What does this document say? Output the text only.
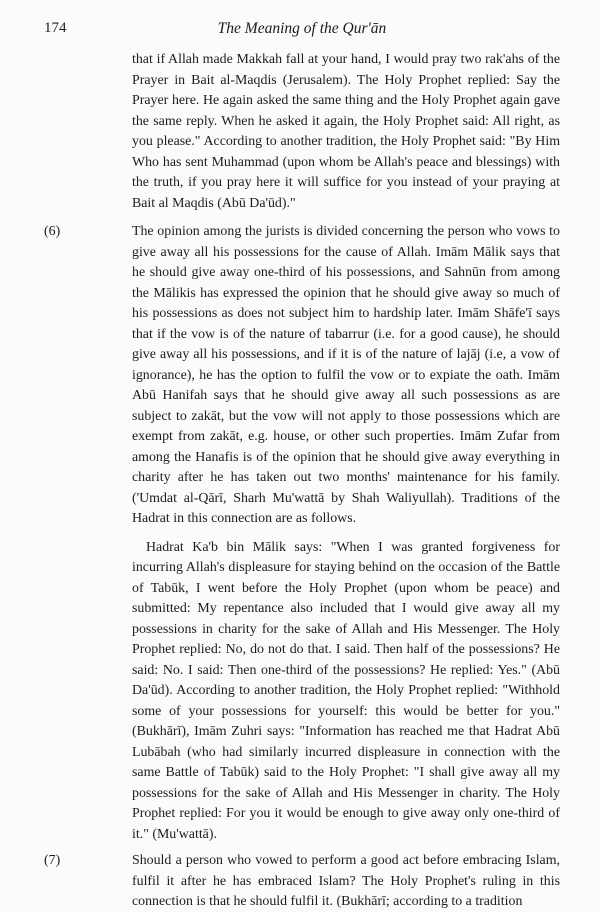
174	The Meaning of the Qur'ān

that if Allah made Makkah fall at your hand, I would pray two rak'ahs of the Prayer in Bait al-Maqdis (Jerusalem). The Holy Prophet replied: Say the Prayer here. He again asked the same thing and the Holy Prophet again gave the same reply. When he asked it again, the Holy Prophet said: All right, as you please." According to another tradition, the Holy Prophet said: "By Him Who has sent Muhammad (upon whom be Allah's peace and blessings) with the truth, if you pray here it will suffice for you instead of your praying at Bait al Maqdis (Abū Da'ūd)."

(6)	The opinion among the jurists is divided concerning the person who vows to give away all his possessions for the cause of Allah. Imām Mālik says that he should give away one-third of his possessions, and Sahnūn from among the Mālikis has expressed the opinion that he should give away so much of his possessions as does not subject him to hardship later. Imām Shāfe'ī says that if the vow is of the nature of tabarrur (i.e. for a good cause), he should give away all his possessions, and if it is of the nature of lajāj (i.e, a vow of ignorance), he has the option to fulfil the vow or to expiate the oath. Imām Abū Hanifah says that he should give away all such possessions as are subject to zakāt, but the vow will not apply to those possessions which are exempt from zakāt, e.g. house, or other such properties. Imām Zufar from among the Hanafis is of the opinion that he should give away everything in charity after he has taken out two months' maintenance for his family. ('Umdat al-Qārī, Sharh Mu'wattā by Shah Waliyullah). Traditions of the Hadrat in this connection are as follows.

Hadrat Ka'b bin Mālik says: "When I was granted forgiveness for incurring Allah's displeasure for staying behind on the occasion of the Battle of Tabūk, I went before the Holy Prophet (upon whom be peace) and submitted: My repentance also included that I would give away all my possessions in charity for the sake of Allah and His Messenger. The Holy Prophet replied: No, do not do that. I said. Then half of the possessions? He said: No. I said: Then one-third of the possessions? He replied: Yes." (Abū Da'ūd). According to another tradition, the Holy Prophet replied: "Withhold some of your possessions for yourself: this would be better for you." (Bukhārī), Imām Zuhri says: "Information has reached me that Hadrat Abū Lubābah (who had similarly incurred displeasure in connection with the same Battle of Tabūk) said to the Holy Prophet: "I shall give away all my possessions for the sake of Allah and His Messenger in charity. The Holy Prophet replied: For you it would be enough to give away only one-third of it." (Mu'wattā).

(7)	Should a person who vowed to perform a good act before embracing Islam, fulfil it after he has embraced Islam? The Holy Prophet's ruling in this connection is that he should fulfil it. (Bukhārī; according to a tradition
